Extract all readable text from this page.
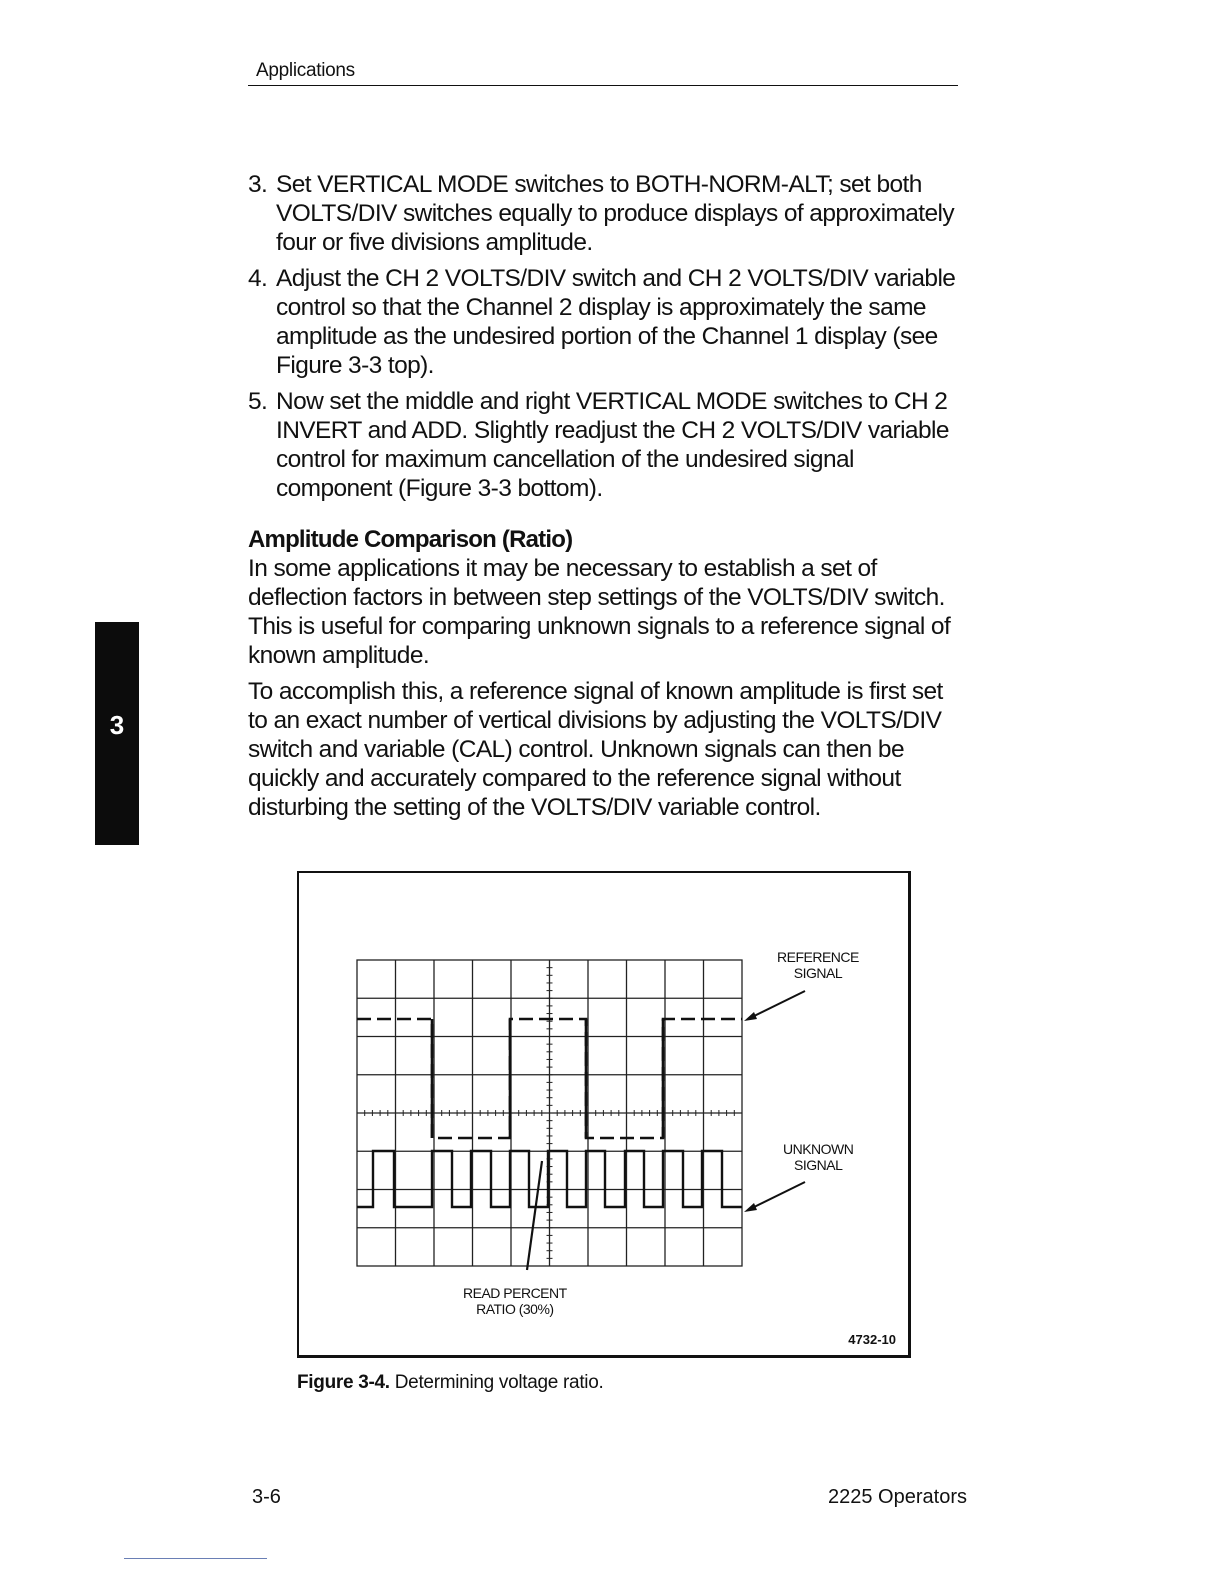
Applications
3
3. Set VERTICAL MODE switches to BOTH-NORM-ALT; set both VOLTS/DIV switches equally to produce displays of approximately four or five divisions amplitude.
4. Adjust the CH 2 VOLTS/DIV switch and CH 2 VOLTS/DIV variable control so that the Channel 2 display is approximately the same amplitude as the undesired portion of the Channel 1 display (see Figure 3-3 top).
5. Now set the middle and right VERTICAL MODE switches to CH 2 INVERT and ADD. Slightly readjust the CH 2 VOLTS/DIV variable control for maximum cancellation of the undesired signal component (Figure 3-3 bottom).
Amplitude Comparison (Ratio)

In some applications it may be necessary to establish a set of deflection factors in between step settings of the VOLTS/DIV switch. This is useful for comparing unknown signals to a reference signal of known amplitude.

To accomplish this, a reference signal of known amplitude is first set to an exact number of vertical divisions by adjusting the VOLTS/DIV switch and variable (CAL) control. Unknown signals can then be quickly and accurately compared to the reference signal without disturbing the setting of the VOLTS/DIV variable control.

REFERENCE
SIGNAL
UNKNOWN
SIGNAL
READ PERCENT
RATIO (30%)
4732-10
Figure 3-4. Determining voltage ratio.
3-6	2225 Operators
